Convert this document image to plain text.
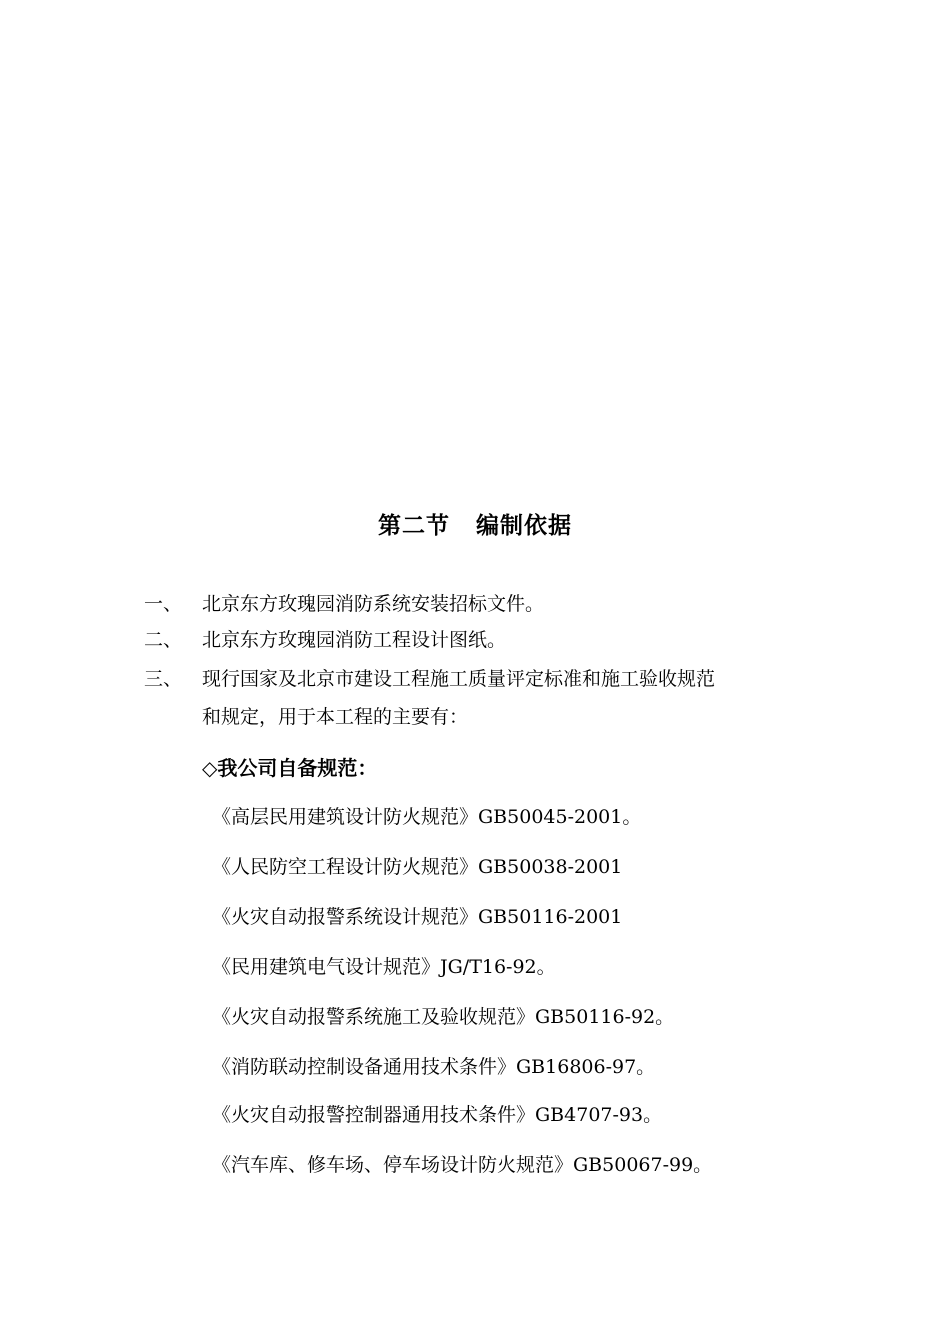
第二节 编制依据
一、 北京东方玫瑰园消防系统安装招标文件。
二、 北京东方玫瑰园消防工程设计图纸。
三、 现行国家及北京市建设工程施工质量评定标准和施工验收规范
和规定，用于本工程的主要有：
◇我公司自备规范：
《高层民用建筑设计防火规范》GB50045-2001。
《人民防空工程设计防火规范》GB50038-2001
《火灾自动报警系统设计规范》GB50116-2001
《民用建筑电气设计规范》JG/T16-92。
《火灾自动报警系统施工及验收规范》GB50116-92。
《消防联动控制设备通用技术条件》GB16806-97。
《火灾自动报警控制器通用技术条件》GB4707-93。
《汽车库、修车场、停车场设计防火规范》GB50067-99。
